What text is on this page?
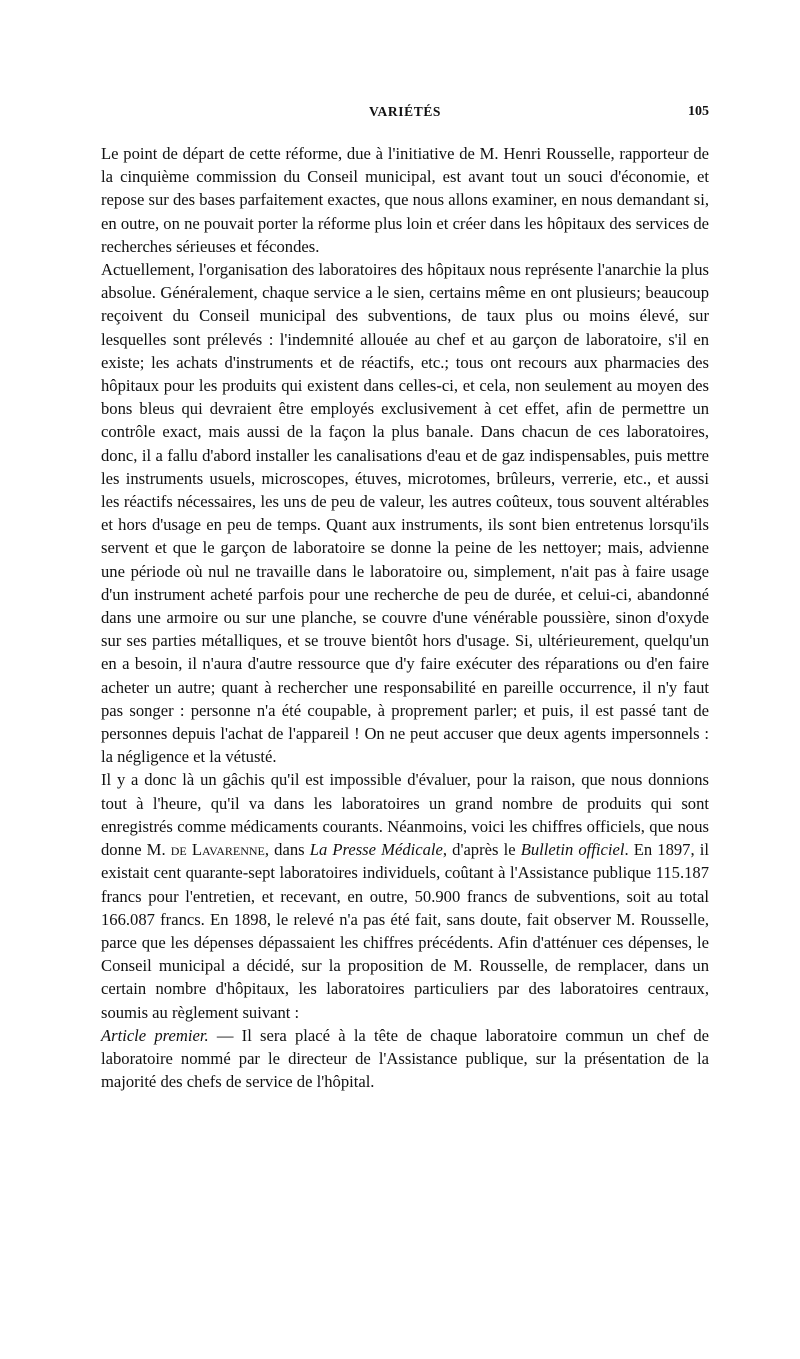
VARIÉTÉS	105

Le point de départ de cette réforme, due à l'initiative de M. Henri Rousselle, rapporteur de la cinquième commission du Conseil municipal, est avant tout un souci d'économie, et repose sur des bases parfaitement exactes, que nous allons examiner, en nous demandant si, en outre, on ne pouvait porter la réforme plus loin et créer dans les hôpitaux des services de recherches sérieuses et fécondes.

Actuellement, l'organisation des laboratoires des hôpitaux nous représente l'anarchie la plus absolue. Généralement, chaque service a le sien, certains même en ont plusieurs; beaucoup reçoivent du Conseil municipal des subventions, de taux plus ou moins élevé, sur lesquelles sont prélevés : l'indemnité allouée au chef et au garçon de laboratoire, s'il en existe; les achats d'instruments et de réactifs, etc.; tous ont recours aux pharmacies des hôpitaux pour les produits qui existent dans celles-ci, et cela, non seulement au moyen des bons bleus qui devraient être employés exclusivement à cet effet, afin de permettre un contrôle exact, mais aussi de la façon la plus banale. Dans chacun de ces laboratoires, donc, il a fallu d'abord installer les canalisations d'eau et de gaz indispensables, puis mettre les instruments usuels, microscopes, étuves, microtomes, brûleurs, verrerie, etc., et aussi les réactifs nécessaires, les uns de peu de valeur, les autres coûteux, tous souvent altérables et hors d'usage en peu de temps. Quant aux instruments, ils sont bien entretenus lorsqu'ils servent et que le garçon de laboratoire se donne la peine de les nettoyer; mais, advienne une période où nul ne travaille dans le laboratoire ou, simplement, n'ait pas à faire usage d'un instrument acheté parfois pour une recherche de peu de durée, et celui-ci, abandonné dans une armoire ou sur une planche, se couvre d'une vénérable poussière, sinon d'oxyde sur ses parties métalliques, et se trouve bientôt hors d'usage. Si, ultérieurement, quelqu'un en a besoin, il n'aura d'autre ressource que d'y faire exécuter des réparations ou d'en faire acheter un autre; quant à rechercher une responsabilité en pareille occurrence, il n'y faut pas songer : personne n'a été coupable, à proprement parler; et puis, il est passé tant de personnes depuis l'achat de l'appareil ! On ne peut accuser que deux agents impersonnels : la négligence et la vétusté.

Il y a donc là un gâchis qu'il est impossible d'évaluer, pour la raison, que nous donnions tout à l'heure, qu'il va dans les laboratoires un grand nombre de produits qui sont enregistrés comme médicaments courants. Néanmoins, voici les chiffres officiels, que nous donne M. de Lavarenne, dans La Presse Médicale, d'après le Bulletin officiel. En 1897, il existait cent quarante-sept laboratoires individuels, coûtant à l'Assistance publique 115.187 francs pour l'entretien, et recevant, en outre, 50.900 francs de subventions, soit au total 166.087 francs. En 1898, le relevé n'a pas été fait, sans doute, fait observer M. Rousselle, parce que les dépenses dépassaient les chiffres précédents. Afin d'atténuer ces dépenses, le Conseil municipal a décidé, sur la proposition de M. Rousselle, de remplacer, dans un certain nombre d'hôpitaux, les laboratoires particuliers par des laboratoires centraux, soumis au règlement suivant :

Article premier. — Il sera placé à la tête de chaque laboratoire commun un chef de laboratoire nommé par le directeur de l'Assistance publique, sur la présentation de la majorité des chefs de service de l'hôpital.
